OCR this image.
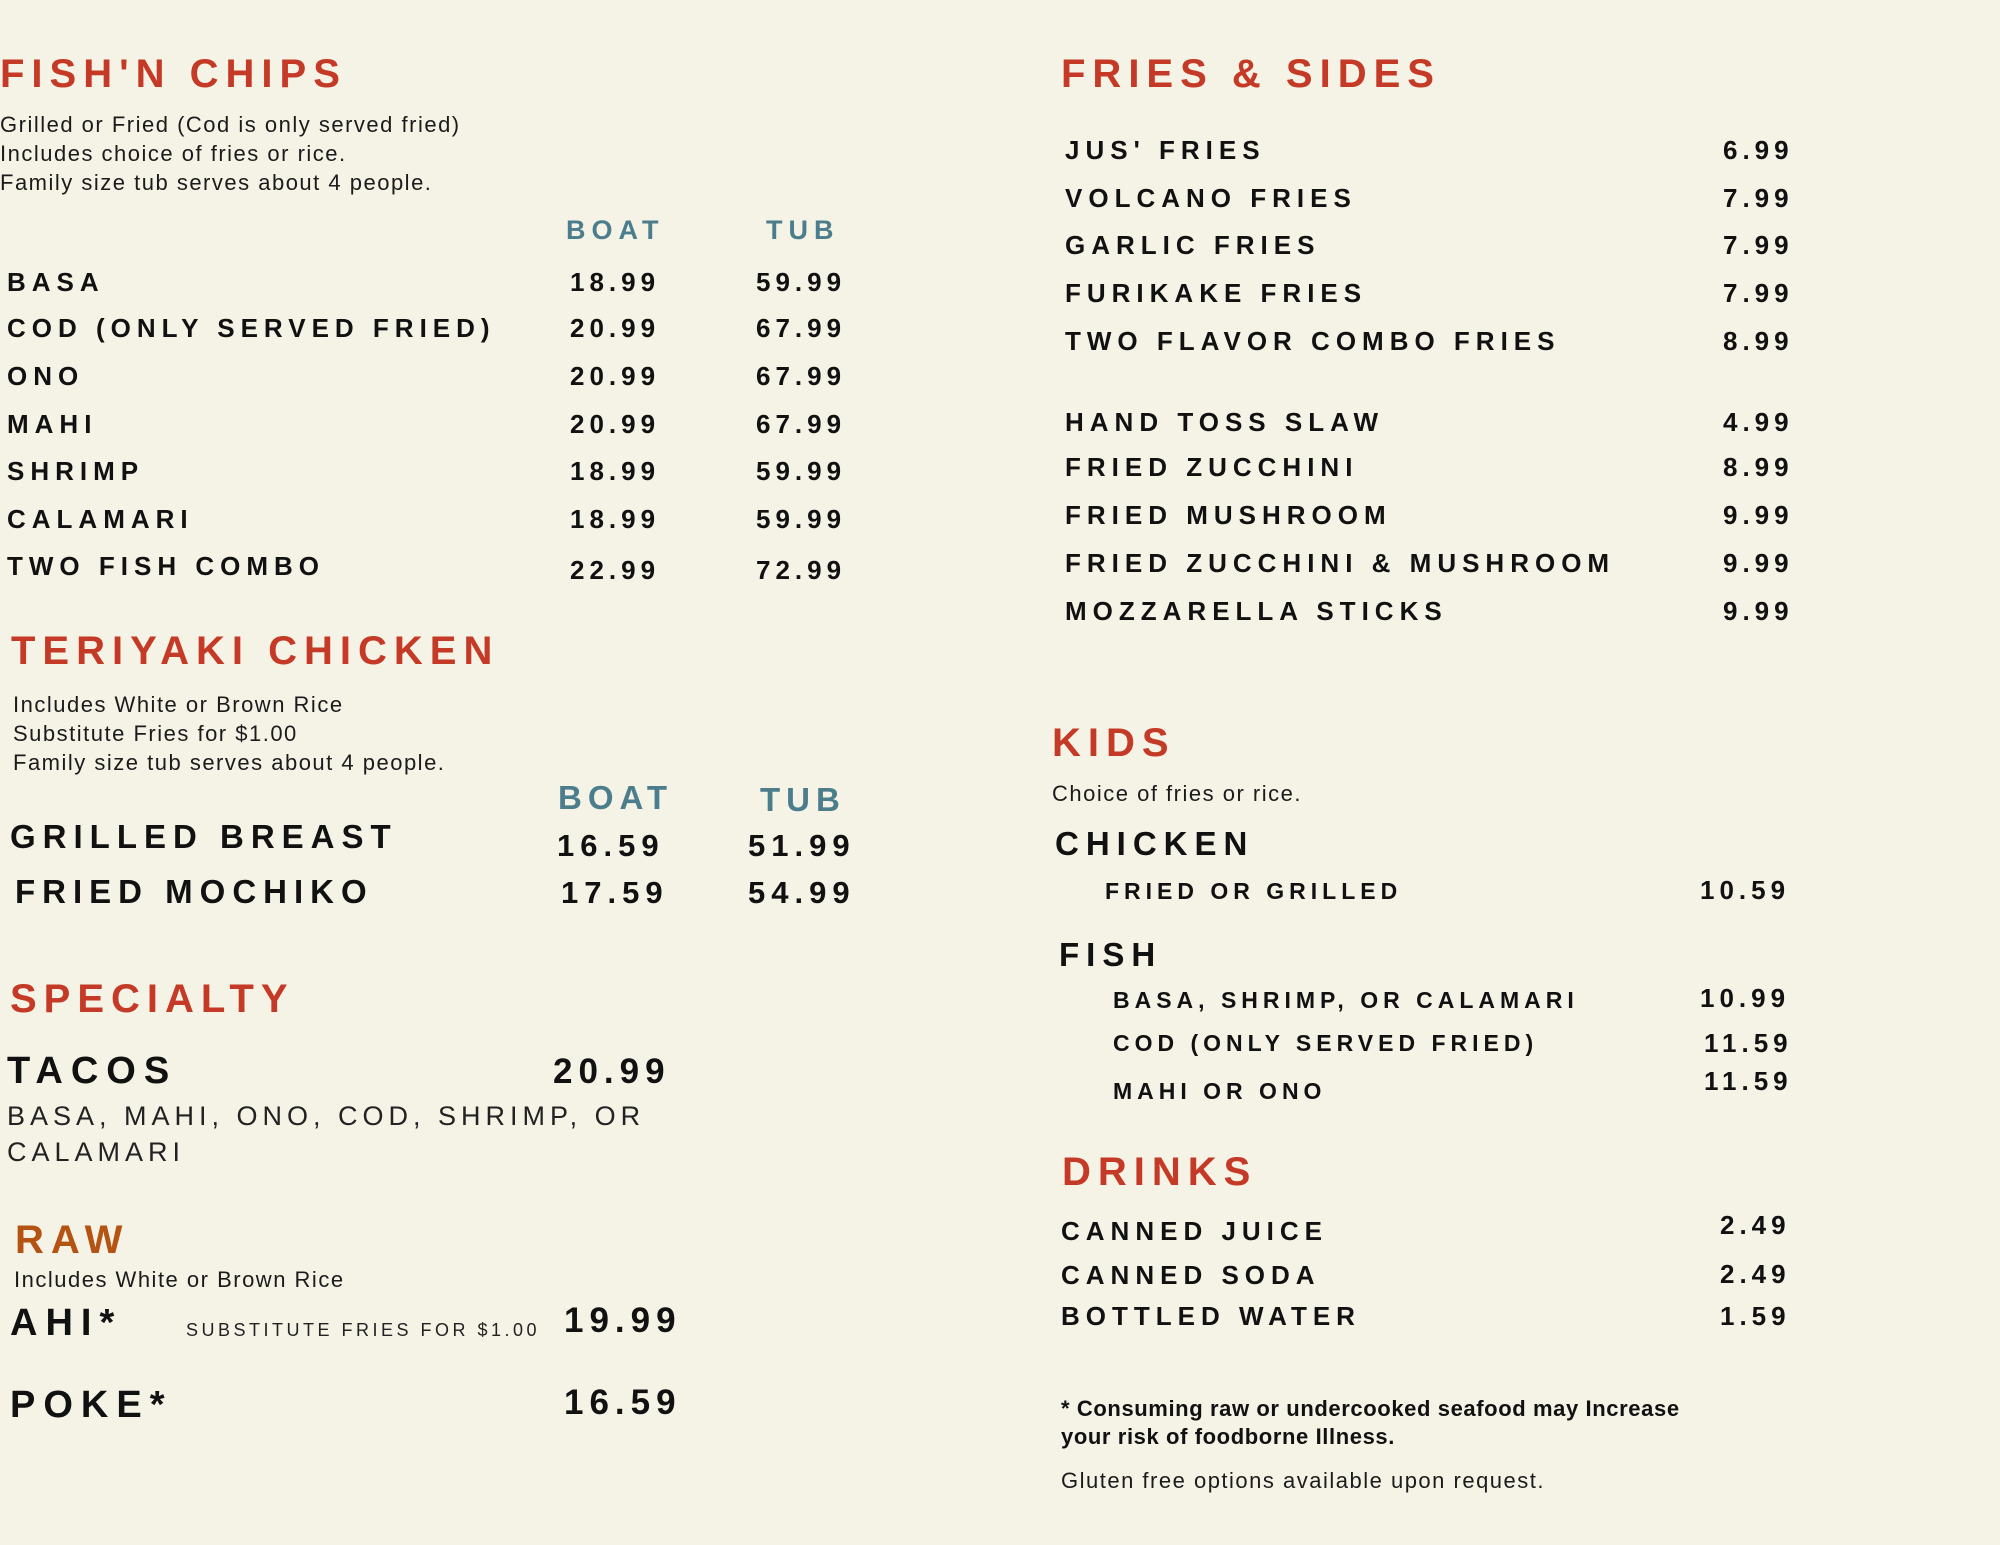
FISH'N CHIPS
Grilled or Fried (Cod is only served fried)
Includes choice of fries or rice.
Family size tub serves about 4 people.
BOAT	TUB
BASA	18.99	59.99
COD (ONLY SERVED FRIED)	20.99	67.99
ONO	20.99	67.99
MAHI	20.99	67.99
SHRIMP	18.99	59.99
CALAMARI	18.99	59.99
TWO FISH COMBO	22.99	72.99
TERIYAKI CHICKEN
Includes White or Brown Rice
Substitute Fries for $1.00
Family size tub serves about 4 people.
BOAT	TUB
GRILLED BREAST	16.59	51.99
FRIED MOCHIKO	17.59	54.99
SPECIALTY
TACOS	20.99
BASA, MAHI, ONO, COD, SHRIMP, OR
CALAMARI
RAW
Includes White or Brown Rice
AHI*	SUBSTITUTE FRIES FOR $1.00 19.99
POKE*	16.59
FRIES & SIDES
JUS' FRIES	6.99
VOLCANO FRIES	7.99
GARLIC FRIES	7.99
FURIKAKE FRIES	7.99
TWO FLAVOR COMBO FRIES	8.99
HAND TOSS SLAW	4.99
FRIED ZUCCHINI	8.99
FRIED MUSHROOM	9.99
FRIED ZUCCHINI & MUSHROOM	9.99
MOZZARELLA STICKS	9.99
KIDS
Choice of fries or rice.
CHICKEN
FRIED OR GRILLED	10.59
FISH
BASA, SHRIMP, OR CALAMARI	10.99
COD (ONLY SERVED FRIED)	11.59
MAHI OR ONO	11.59
DRINKS
CANNED JUICE	2.49
CANNED SODA	2.49
BOTTLED WATER	1.59
* Consuming raw or undercooked seafood may Increase
your risk of foodborne Illness.
Gluten free options available upon request.
